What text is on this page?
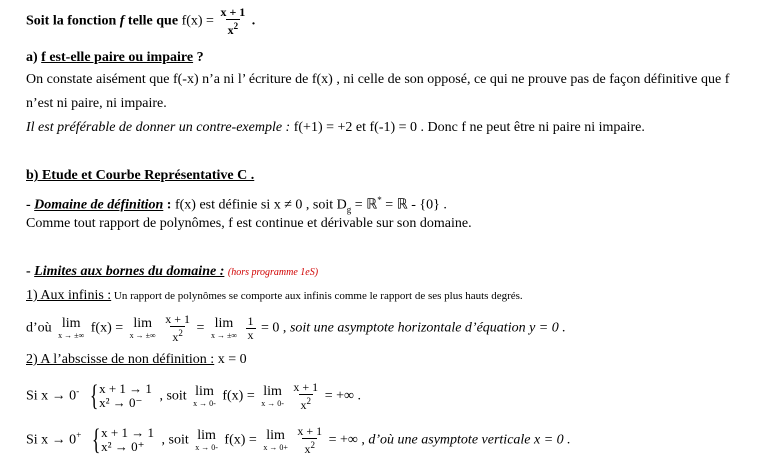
Soit la fonction f telle que $f(x) = \frac{x + 1}{x^2}$ .
a) f est-elle paire ou impaire ?
On constate aisément que f(-x) n’a ni l’ écriture de f(x) , ni celle de son opposé, ce qui ne prouve pas de façon définitive que f
n’est ni paire, ni impaire.
Il est préférable de donner un contre-exemple : f(+1) = +2 et f(-1) = 0 . Donc f ne peut être ni paire ni impaire.
b) Etude et Courbe Représentative C .
- Domaine de définition : f(x) est définie si x ≠ 0 , soit $D_g$ = ℝ* = ℝ - {0} .
Comme tout rapport de polynômes, f est continue et dérivable sur son domaine.
- Limites aux bornes du domaine : (hors programme 1eS)
1) Aux infinis : Un rapport de polynômes se comporte aux infinis comme le rapport de ses plus hauts degrés.
d’où lim
x → ±∞ f(x) = lim
x → ±∞
$\frac{x + 1}{x^2} = \lim$
x → ±∞
$\frac{1}{x} = 0$ , soit une asymptote horizontale d’équation y = 0 .
2) A l’abscisse de non définition : x = 0
Si x → 0- { x + 1 → 1
x² → 0⁻	, soit lim
x → 0- f(x) = lim
x → 0-
$\frac{x + 1}{x^2}$ = +∞ .
Si x → 0+ { x + 1 → 1
x² → 0⁺	, soit lim
x → 0- f(x) = lim
x → 0+
$\frac{x + 1}{x^2}$ = +∞ , d’où une asymptote verticale x = 0 .
